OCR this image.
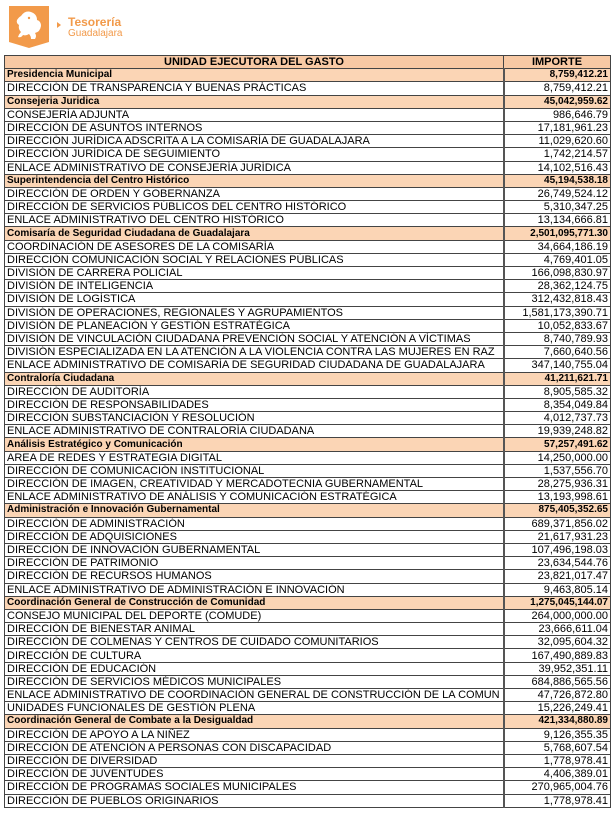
Tesorería
Guadalajara
UNIDAD EJECUTORA DEL GASTO	IMPORTE
Presidencia Municipal	8,759,412.21
DIRECCIÓN DE TRANSPARENCIA Y BUENAS PRÁCTICAS	8,759,412.21
Consejeria Juridica	45,042,959.62
CONSEJERÍA ADJUNTA	986,646.79
DIRECCIÓN DE ASUNTOS INTERNOS	17,181,961.23
DIRECCIÓN JURÍDICA ADSCRITA A LA COMISARÍA DE GUADALAJARA	11,029,620.60
DIRECCIÓN JURÍDICA DE SEGUIMIENTO	1,742,214.57
ENLACE ADMINISTRATIVO DE CONSEJERÍA JURÍDICA	14,102,516.43
Superintendencia del Centro Histórico	45,194,538.18
DIRECCIÓN DE ORDEN Y GOBERNANZA	26,749,524.12
DIRECCIÓN DE SERVICIOS PÚBLICOS DEL CENTRO HISTÓRICO	5,310,347.25
ENLACE ADMINISTRATIVO DEL CENTRO HISTÓRICO	13,134,666.81
Comisaría de Seguridad Ciudadana de Guadalajara	2,501,095,771.30
COORDINACIÓN DE ASESORES DE LA COMISARÍA	34,664,186.19
DIRECCIÓN COMUNICACIÓN SOCIAL Y RELACIONES PÚBLICAS	4,769,401.05
DIVISIÓN DE CARRERA POLICIAL	166,098,830.97
DIVISIÓN DE INTELIGENCIA	28,362,124.75
DIVISIÓN DE LOGÍSTICA	312,432,818.43
DIVISIÓN DE OPERACIONES, REGIONALES Y AGRUPAMIENTOS	1,581,173,390.71
DIVISIÓN DE PLANEACIÓN Y GESTIÓN ESTRATÉGICA	10,052,833.67
DIVISIÓN DE VINCULACIÓN CIUDADANA PREVENCIÓN SOCIAL Y ATENCIÓN A VÍCTIMAS	8,740,789.93
DIVISIÓN ESPECIALIZADA EN LA ATENCIÓN A LA VIOLENCIA CONTRA LAS MUJERES EN RAZ	7,660,640.56
ENLACE ADMINISTRATIVO DE COMISARÍA DE SEGURIDAD CIUDADANA DE GUADALAJARA	347,140,755.04
Contraloría Ciudadana	41,211,621.71
DIRECCIÓN DE AUDITORÍA	8,905,585.32
DIRECCIÓN DE RESPONSABILIDADES	8,354,049.84
DIRECCIÓN SUBSTANCIACIÓN Y RESOLUCIÓN	4,012,737.73
ENLACE ADMINISTRATIVO DE CONTRALORÍA CIUDADANA	19,939,248.82
Análisis Estratégico y Comunicación	57,257,491.62
AREA DE REDES Y ESTRATEGIA DIGITAL	14,250,000.00
DIRECCIÓN DE COMUNICACIÓN INSTITUCIONAL	1,537,556.70
DIRECCIÓN DE IMAGEN, CREATIVIDAD Y MERCADOTECNIA GUBERNAMENTAL	28,275,936.31
ENLACE ADMINISTRATIVO DE ANÁLISIS Y COMUNICACIÓN ESTRATÉGICA	13,193,998.61
Administración e Innovación Gubernamental	875,405,352.65
DIRECCIÓN DE ADMINISTRACIÓN	689,371,856.02
DIRECCIÓN DE ADQUISICIONES	21,617,931.23
DIRECCIÓN DE INNOVACIÓN GUBERNAMENTAL	107,496,198.03
DIRECCIÓN DE PATRIMONIO	23,634,544.76
DIRECCIÓN DE RECURSOS HUMANOS	23,821,017.47
ENLACE ADMINISTRATIVO DE ADMINISTRACIÓN E INNOVACIÓN	9,463,805.14
Coordinación General de Construcción de Comunidad	1,275,045,144.07
CONSEJO MUNICIPAL DEL DEPORTE (COMUDE)	264,000,000.00
DIRECCIÓN DE BIENESTAR ANIMAL	23,666,611.04
DIRECCIÓN DE COLMENAS Y CENTROS DE CUIDADO COMUNITARIOS	32,095,604.32
DIRECCIÓN DE CULTURA	167,490,889.83
DIRECCIÓN DE EDUCACIÓN	39,952,351.11
DIRECCIÓN DE SERVICIOS MÉDICOS MUNICIPALES	684,886,565.56
ENLACE ADMINISTRATIVO DE COORDINACIÓN GENERAL DE CONSTRUCCIÓN DE LA COMUN	47,726,872.80
UNIDADES FUNCIONALES DE GESTIÓN PLENA	15,226,249.41
Coordinación General de Combate a la Desigualdad	421,334,880.89
DIRECCIÓN DE APOYO A LA NIÑEZ	9,126,355.35
DIRECCIÓN DE ATENCIÓN A PERSONAS CON DISCAPACIDAD	5,768,607.54
DIRECCIÓN DE DIVERSIDAD	1,778,978.41
DIRECCIÓN DE JUVENTUDES	4,406,389.01
DIRECCIÓN DE PROGRAMAS SOCIALES MUNICIPALES	270,965,004.76
DIRECCIÓN DE PUEBLOS ORIGINARIOS	1,778,978.41
